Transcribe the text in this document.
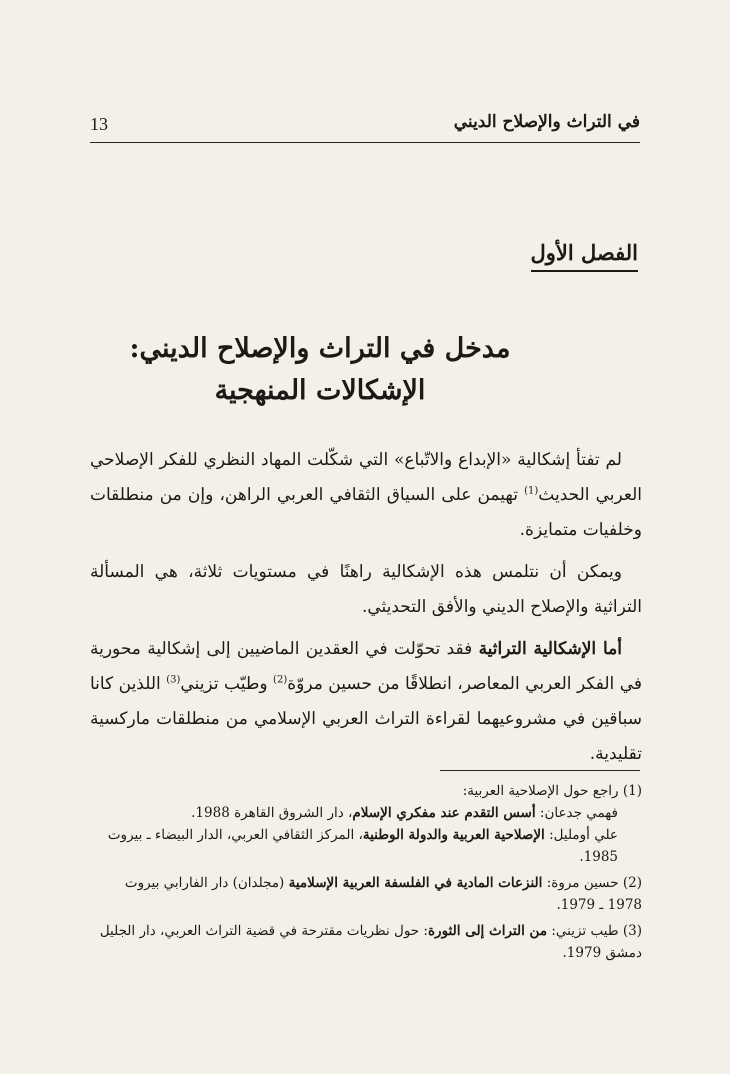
13	في التراث والإصلاح الديني
الفصل الأول
مدخل في التراث والإصلاح الديني:
الإشكالات المنهجية

لم تفتأ إشكالية «الإبداع والاتّباع» التي شكّلت المهاد النظري للفكر الإصلاحي العربي الحديث$^{(1)}$ تهيمن على السياق الثقافي العربي الراهن، وإن من منطلقات وخلفيات متمايزة.

ويمكن أن نتلمس هذه الإشكالية راهنًا في مستويات ثلاثة، هي المسألة التراثية والإصلاح الديني والأفق التحديثي.

أما الإشكالية التراثية فقد تحوّلت في العقدين الماضيين إلى إشكالية محورية في الفكر العربي المعاصر، انطلاقًا من حسين مروّة$^{(2)}$ وطيّب تزيني$^{(3)}$ اللذين كانا سباقين في مشروعيهما لقراءة التراث العربي الإسلامي من منطلقات ماركسية تقليدية.

(1) راجع حول الإصلاحية العربية:
فهمي جدعان: أسس التقدم عند مفكري الإسلام، دار الشروق القاهرة 1988.
علي أومليل: الإصلاحية العربية والدولة الوطنية، المركز الثقافي العربي، الدار البيضاء ـ بيروت 1985.
(2) حسين مروة: النزعات المادية في الفلسفة العربية الإسلامية (مجلدان) دار الفارابي بيروت 1978 ـ 1979.
(3) طيب تزيني: من التراث إلى الثورة: حول نظريات مقترحة في قضية التراث العربي، دار الجليل دمشق 1979.
